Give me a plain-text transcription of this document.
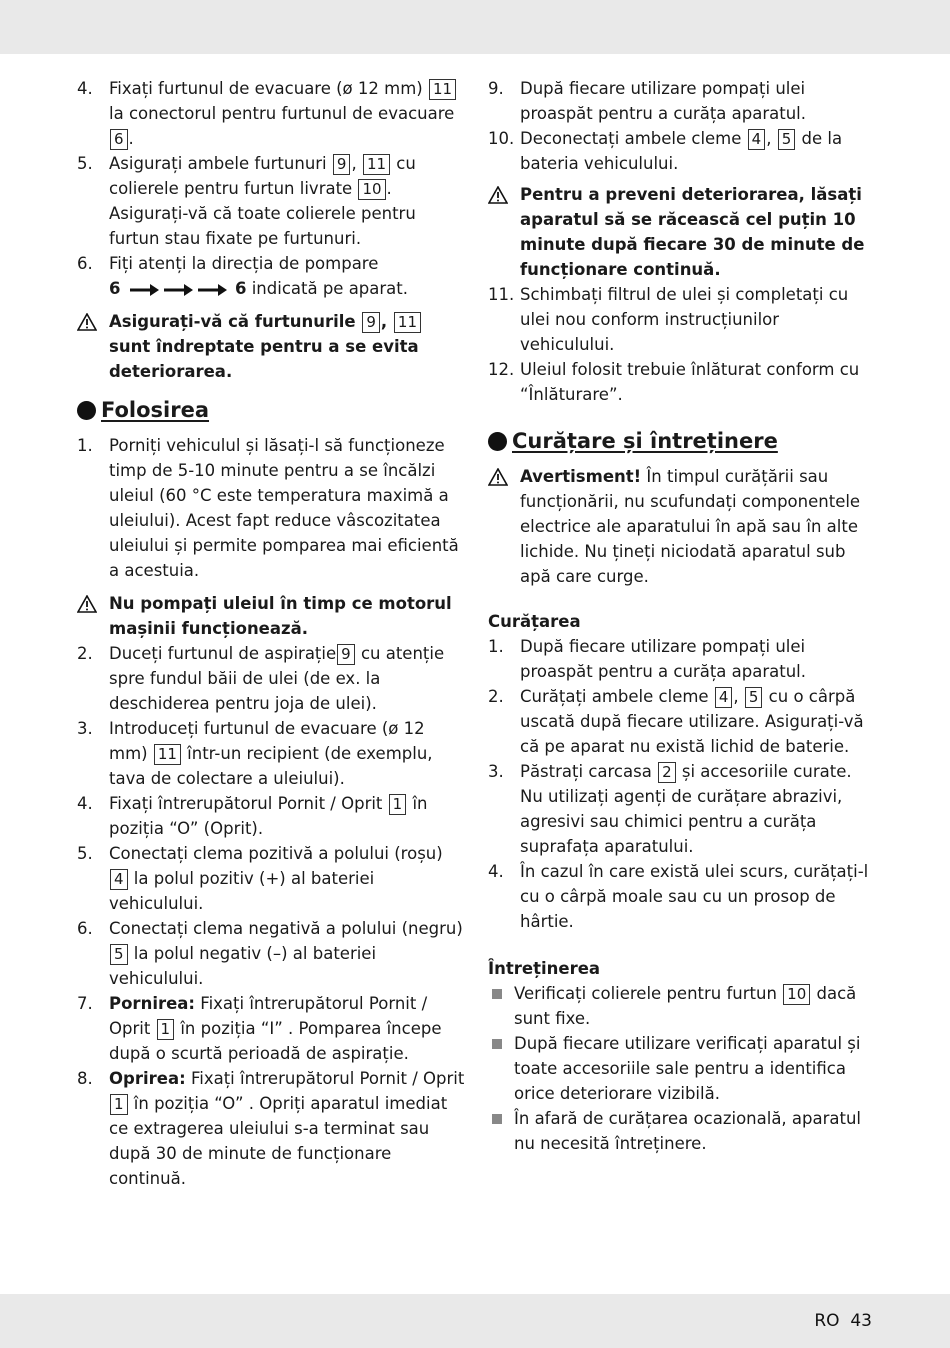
4. Fixați furtunul de evacuare (ø 12 mm) 11 la conectorul pentru furtunul de evacuare 6 .
5. Asigurați ambele furtunuri 9 , 11 cu colierele pentru furtun livrate 10 . Asigurați-vă că toate colierele pentru furtun stau fixate pe furtunuri.
6. Fiți atenți la direcția de pompare
6	6 indicată pe aparat.
Asigurați-vă că furtunurile 9 , 11 sunt îndreptate pentru a se evita deteriorarea.
Folosirea
1. Porniți vehiculul și lăsați-l să funcționeze timp de 5-10 minute pentru a se încălzi uleiul (60 °C este temperatura maximă a uleiului). Acest fapt reduce vâscozitatea uleiului și permite pomparea mai eficientă a acestuia.
Nu pompați uleiul în timp ce motorul mașinii funcționează.
2. Duceți furtunul de aspirație 9 cu atenție spre fundul băii de ulei (de ex. la deschiderea pentru joja de ulei).
3. Introduceți furtunul de evacuare (ø 12 mm) 11 într-un recipient (de exemplu, tava de colectare a uleiului).
4. Fixați întrerupătorul Pornit / Oprit 1 în poziția “O” (Oprit).
5. Conectați clema pozitivă a polului (roșu) 4 la polul pozitiv (+) al bateriei vehiculului.
6. Conectați clema negativă a polului (negru) 5 la polul negativ (–) al bateriei vehiculului.
7. Pornirea: Fixați întrerupătorul Pornit / Oprit 1 în poziția “I” . Pomparea începe după o scurtă perioadă de aspirație.
8. Oprirea: Fixați întrerupătorul Pornit / Oprit 1 în poziția “O” . Opriți aparatul imediat ce extragerea uleiului s-a terminat sau după 30 de minute de funcționare continuă.
9. După fiecare utilizare pompați ulei proaspăt pentru a curăța aparatul.
10. Deconectați ambele cleme 4 , 5 de la bateria vehiculului.
Pentru a preveni deteriorarea, lăsați aparatul să se răcească cel puțin 10 minute după fiecare 30 de minute de funcționare continuă.
11. Schimbați filtrul de ulei și completați cu ulei nou conform instrucțiunilor vehiculului.
12. Uleiul folosit trebuie înlăturat conform cu “Înlăturare”.
Curățare și întreținere
Avertisment! În timpul curățării sau funcționării, nu scufundați componentele electrice ale aparatului în apă sau în alte lichide. Nu țineți niciodată aparatul sub apă care curge.
Curățarea
1. După fiecare utilizare pompați ulei proaspăt pentru a curăța aparatul.
2. Curățați ambele cleme 4 , 5 cu o cârpă uscată după fiecare utilizare. Asigurați-vă că pe aparat nu există lichid de baterie.
3. Păstrați carcasa 2 și accesoriile curate. Nu utilizați agenți de curățare abrazivi, agresivi sau chimici pentru a curăța suprafața aparatului.
4. În cazul în care există ulei scurs, curățați-l cu o cârpă moale sau cu un prosop de hârtie.
Întreținerea
Verificați colierele pentru furtun 10 dacă sunt fixe.
După fiecare utilizare verificați aparatul și toate accesoriile sale pentru a identifica orice deteriorare vizibilă.
În afară de curățarea ocazională, aparatul nu necesită întreținere.
RO 43
